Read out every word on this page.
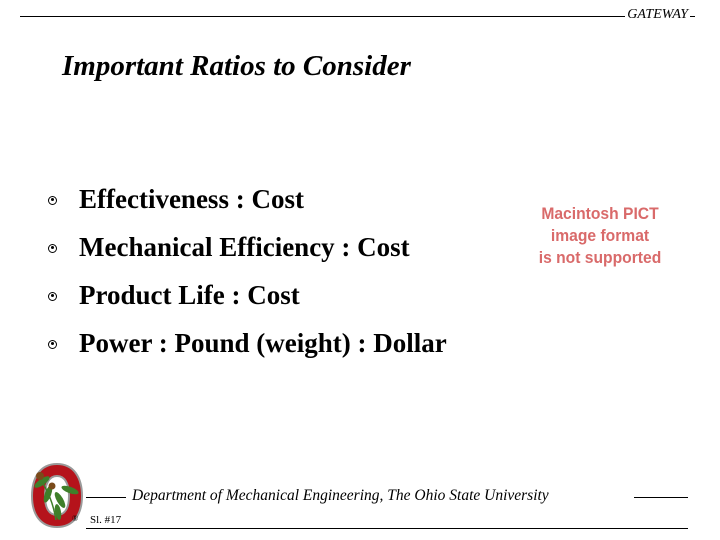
GATEWAY
Important Ratios to Consider
Effectiveness : Cost
Mechanical Efficiency : Cost
Product Life : Cost
Power : Pound (weight) : Dollar
Macintosh PICT
image format
is not supported
®
Department of Mechanical Engineering, The Ohio State University
Sl. #17
